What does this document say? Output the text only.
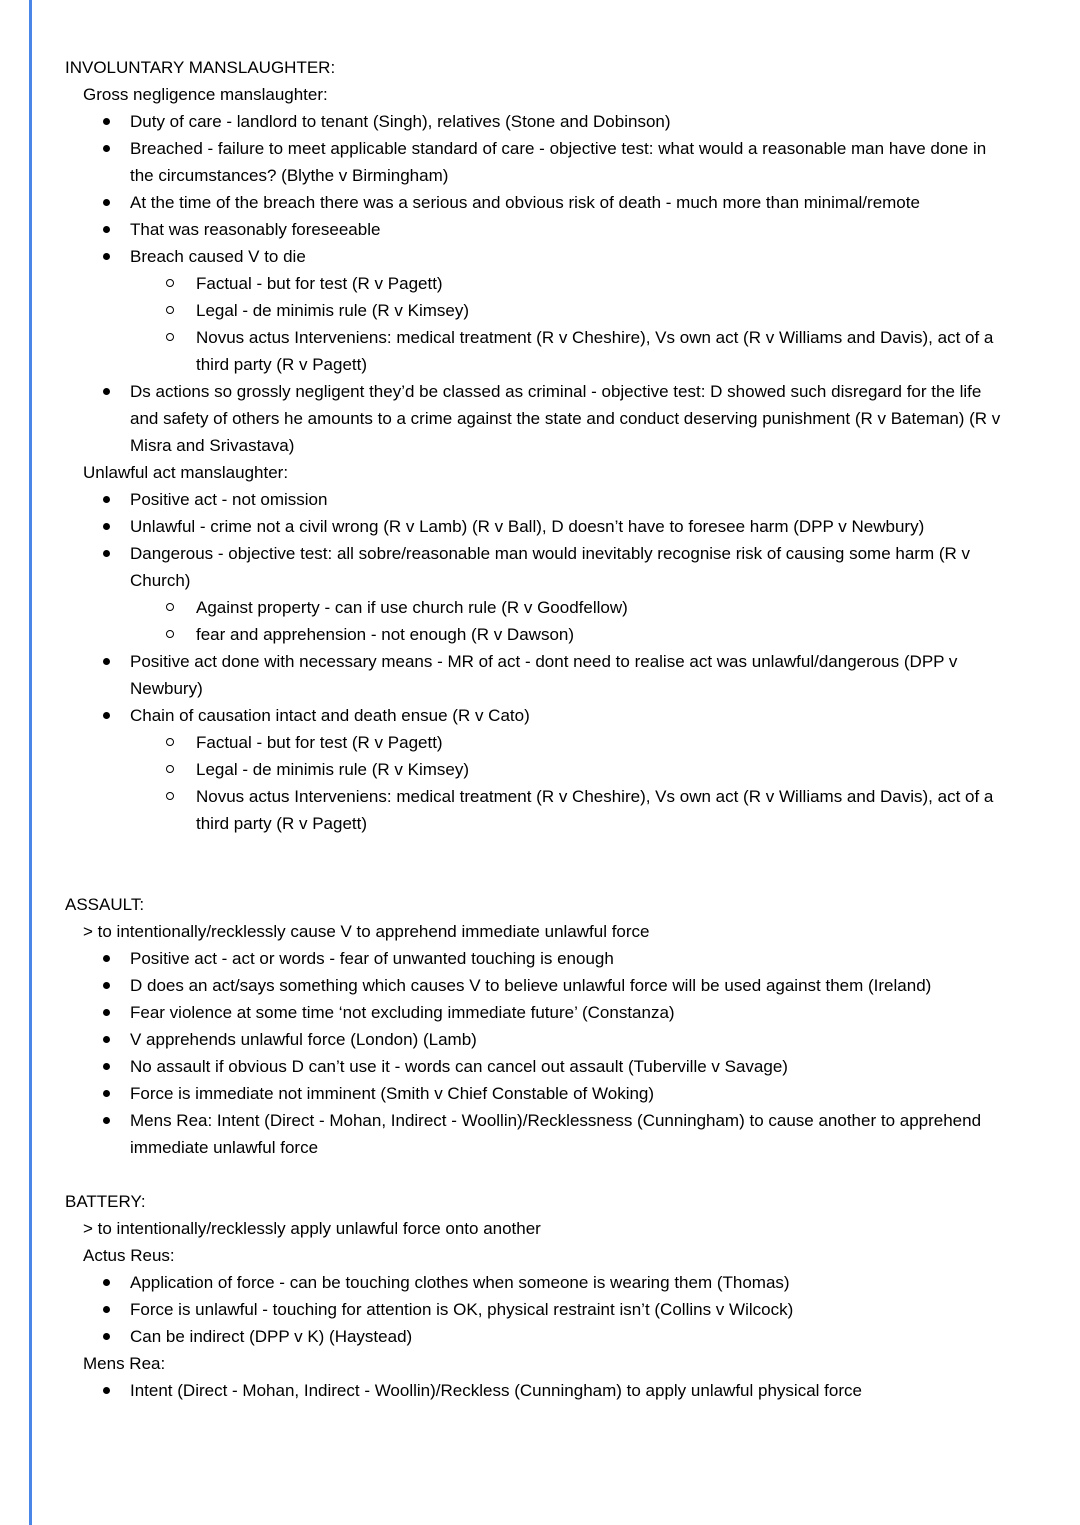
INVOLUNTARY MANSLAUGHTER:
Gross negligence manslaughter:
Duty of care - landlord to tenant (Singh), relatives (Stone and Dobinson)
Breached - failure to meet applicable standard of care - objective test: what would a reasonable man have done in the circumstances? (Blythe v Birmingham)
At the time of the breach there was a serious and obvious risk of death - much more than minimal/remote
That was reasonably foreseeable
Breach caused V to die
Factual - but for test (R v Pagett)
Legal - de minimis rule (R v Kimsey)
Novus actus Interveniens: medical treatment (R v Cheshire), Vs own act (R v Williams and Davis), act of a third party (R v Pagett)
Ds actions so grossly negligent they’d be classed as criminal - objective test: D showed such disregard for the life and safety of others he amounts to a crime against the state and conduct deserving punishment (R v Bateman) (R v Misra and Srivastava)
Unlawful act manslaughter:
Positive act - not omission
Unlawful - crime not a civil wrong (R v Lamb) (R v Ball), D doesn’t have to foresee harm (DPP v Newbury)
Dangerous - objective test: all sobre/reasonable man would inevitably recognise risk of causing some harm (R v Church)
Against property - can if use church rule (R v Goodfellow)
fear and apprehension - not enough (R v Dawson)
Positive act done with necessary means - MR of act - dont need to realise act was unlawful/dangerous (DPP v Newbury)
Chain of causation intact and death ensue (R v Cato)
Factual - but for test (R v Pagett)
Legal - de minimis rule (R v Kimsey)
Novus actus Interveniens: medical treatment (R v Cheshire), Vs own act (R v Williams and Davis), act of a third party (R v Pagett)
ASSAULT:
> to intentionally/recklessly cause V to apprehend immediate unlawful force
Positive act - act or words - fear of unwanted touching is enough
D does an act/says something which causes V to believe unlawful force will be used against them (Ireland)
Fear violence at some time ‘not excluding immediate future’ (Constanza)
V apprehends unlawful force (London) (Lamb)
No assault if obvious D can’t use it - words can cancel out assault (Tuberville v Savage)
Force is immediate not imminent (Smith v Chief Constable of Woking)
Mens Rea: Intent (Direct - Mohan, Indirect - Woollin)/Recklessness (Cunningham) to cause another to apprehend immediate unlawful force
BATTERY:
> to intentionally/recklessly apply unlawful force onto another
Actus Reus:
Application of force - can be touching clothes when someone is wearing them (Thomas)
Force is unlawful - touching for attention is OK, physical restraint isn’t (Collins v Wilcock)
Can be indirect (DPP v K) (Haystead)
Mens Rea:
Intent (Direct - Mohan, Indirect - Woollin)/Reckless (Cunningham) to apply unlawful physical force
